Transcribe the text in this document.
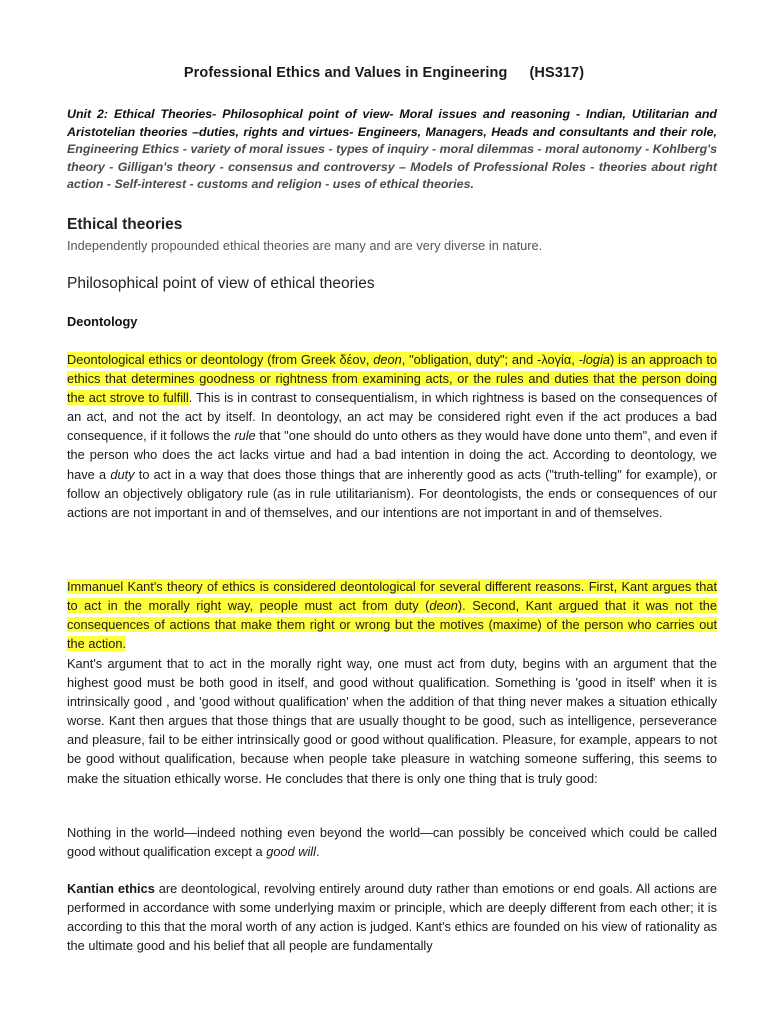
Professional Ethics and Values in Engineering (HS317)
Unit 2: Ethical Theories- Philosophical point of view- Moral issues and reasoning - Indian, Utilitarian and Aristotelian theories –duties, rights and virtues- Engineers, Managers, Heads and consultants and their role, Engineering Ethics - variety of moral issues - types of inquiry - moral dilemmas - moral autonomy - Kohlberg's theory - Gilligan's theory - consensus and controversy – Models of Professional Roles - theories about right action - Self-interest - customs and religion - uses of ethical theories.
Ethical theories
Independently propounded ethical theories are many and are very diverse in nature.
Philosophical point of view of ethical theories
Deontology
Deontological ethics or deontology (from Greek δέον, deon, "obligation, duty"; and -λογία, -logia) is an approach to ethics that determines goodness or rightness from examining acts, or the rules and duties that the person doing the act strove to fulfill. This is in contrast to consequentialism, in which rightness is based on the consequences of an act, and not the act by itself. In deontology, an act may be considered right even if the act produces a bad consequence, if it follows the rule that "one should do unto others as they would have done unto them", and even if the person who does the act lacks virtue and had a bad intention in doing the act. According to deontology, we have a duty to act in a way that does those things that are inherently good as acts ("truth-telling" for example), or follow an objectively obligatory rule (as in rule utilitarianism). For deontologists, the ends or consequences of our actions are not important in and of themselves, and our intentions are not important in and of themselves.
Immanuel Kant's theory of ethics is considered deontological for several different reasons. First, Kant argues that to act in the morally right way, people must act from duty (deon). Second, Kant argued that it was not the consequences of actions that make them right or wrong but the motives (maxime) of the person who carries out the action.
Kant's argument that to act in the morally right way, one must act from duty, begins with an argument that the highest good must be both good in itself, and good without qualification. Something is 'good in itself' when it is intrinsically good , and 'good without qualification' when the addition of that thing never makes a situation ethically worse. Kant then argues that those things that are usually thought to be good, such as intelligence, perseverance and pleasure, fail to be either intrinsically good or good without qualification. Pleasure, for example, appears to not be good without qualification, because when people take pleasure in watching someone suffering, this seems to make the situation ethically worse. He concludes that there is only one thing that is truly good:
Nothing in the world—indeed nothing even beyond the world—can possibly be conceived which could be called good without qualification except a good will.
Kantian ethics are deontological, revolving entirely around duty rather than emotions or end goals. All actions are performed in accordance with some underlying maxim or principle, which are deeply different from each other; it is according to this that the moral worth of any action is judged. Kant's ethics are founded on his view of rationality as the ultimate good and his belief that all people are fundamentally
